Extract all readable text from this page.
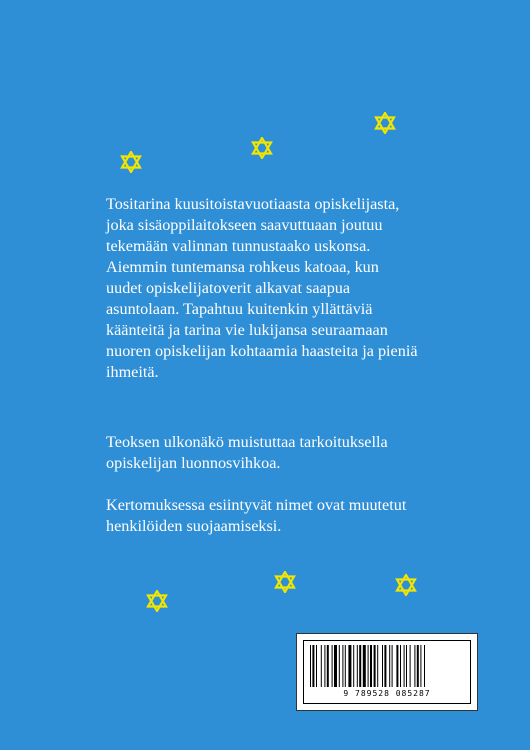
Tositarina kuusitoistavuotiaasta opiskelijasta,
joka sisäoppilaitokseen saavuttuaan joutuu
tekemään valinnan tunnustaako uskonsa.
Aiemmin tuntemansa rohkeus katoaa, kun
uudet opiskelijatoverit alkavat saapua
asuntolaan. Tapahtuu kuitenkin yllättäviä
käänteitä ja tarina vie lukijansa seuraamaan
nuoren opiskelijan kohtaamia haasteita ja pieniä
ihmeitä.

Teoksen ulkonäkö muistuttaa tarkoituksella
opiskelijan luonnosvihkoa.

Kertomuksessa esiintyvät nimet ovat muutetut
henkilöiden suojaamiseksi.

9 789528 085287
